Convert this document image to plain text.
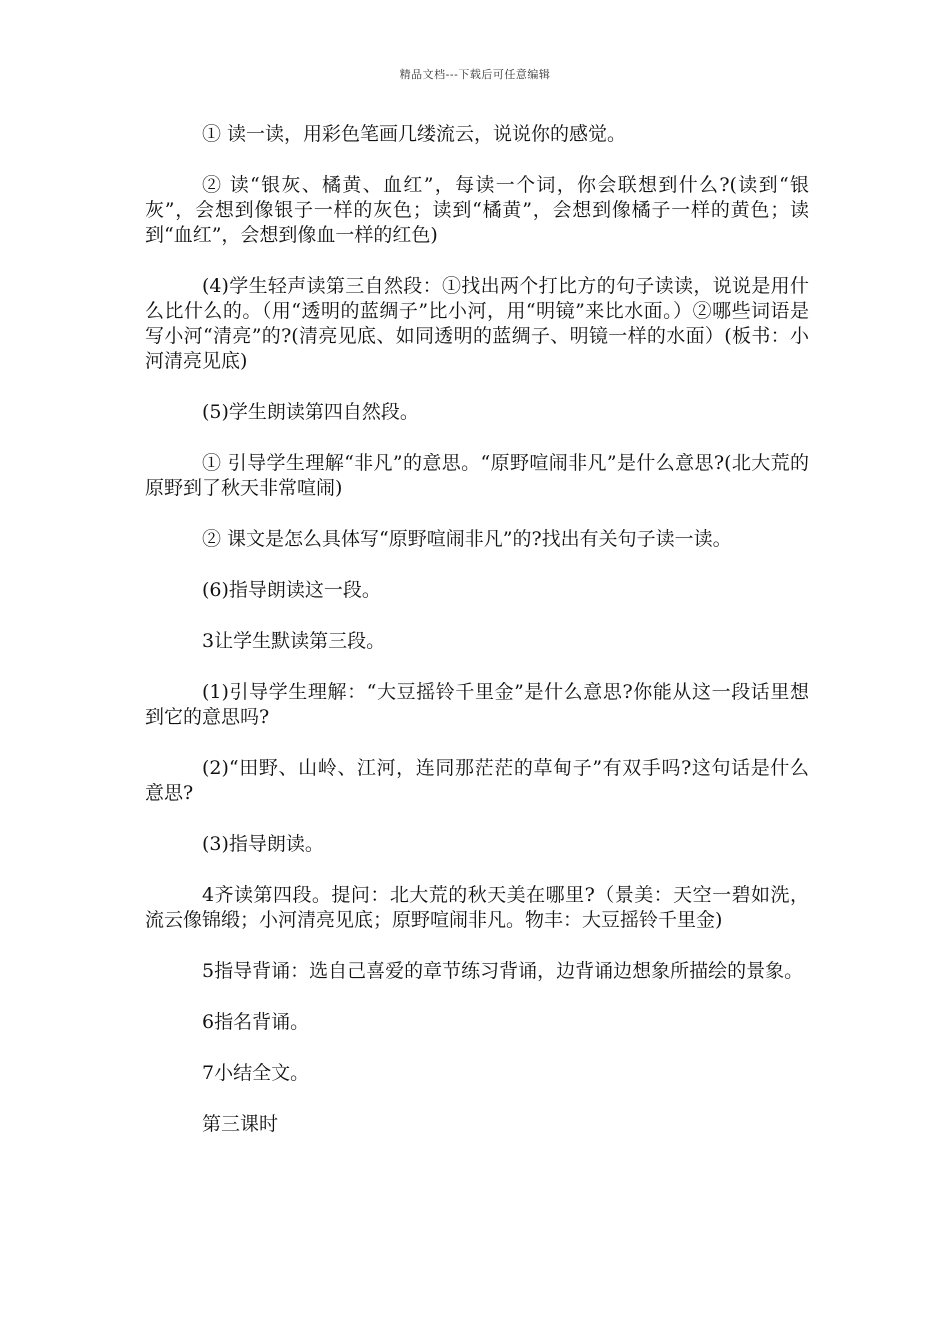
精品文档---下载后可任意编辑

① 读一读，用彩色笔画几缕流云，说说你的感觉。

② 读“银灰、橘黄、血红”，每读一个词，你会联想到什么?(读到“银灰”，会想到像银子一样的灰色；读到“橘黄”，会想到像橘子一样的黄色；读到“血红”，会想到像血一样的红色)

(4)学生轻声读第三自然段：①找出两个打比方的句子读读，说说是用什么比什么的。（用“透明的蓝绸子”比小河，用“明镜”来比水面。）②哪些词语是写小河“清亮”的?(清亮见底、如同透明的蓝绸子、明镜一样的水面）(板书：小河清亮见底)

(5)学生朗读第四自然段。

① 引导学生理解“非凡”的意思。“原野喧闹非凡”是什么意思?(北大荒的原野到了秋天非常喧闹)

② 课文是怎么具体写“原野喧闹非凡”的?找出有关句子读一读。

(6)指导朗读这一段。

3让学生默读第三段。

(1)引导学生理解：“大豆摇铃千里金”是什么意思?你能从这一段话里想到它的意思吗?

(2)“田野、山岭、江河，连同那茫茫的草甸子”有双手吗?这句话是什么意思?

(3)指导朗读。

4齐读第四段。提问：北大荒的秋天美在哪里?（景美：天空一碧如洗，流云像锦缎；小河清亮见底；原野喧闹非凡。物丰：大豆摇铃千里金)

5指导背诵：选自己喜爱的章节练习背诵，边背诵边想象所描绘的景象。

6指名背诵。

7小结全文。

第三课时
